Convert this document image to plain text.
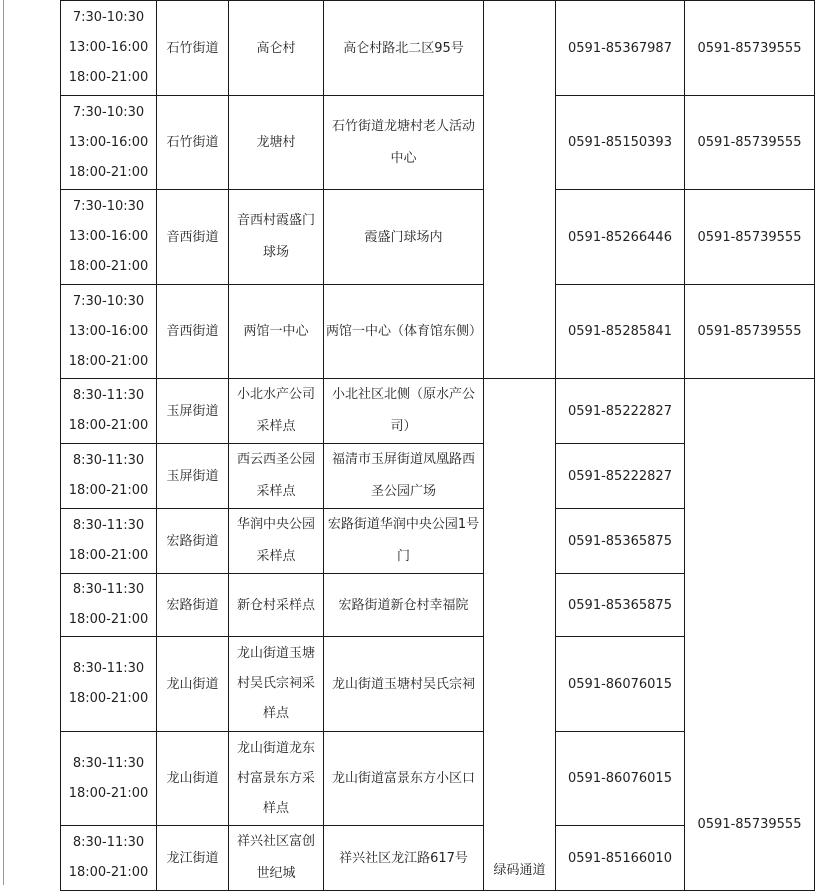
7:30-10:30
13:00-16:00
18:00-21:00	石竹街道	高仑村	高仑村路北二区95号		0591-85367987	0591-85739555

7:30-10:30
13:00-16:00
18:00-21:00	石竹街道	龙塘村	石竹街道龙塘村老人活动中心		0591-85150393	0591-85739555

7:30-10:30
13:00-16:00
18:00-21:00	音西街道	音西村霞盛门球场	霞盛门球场内		0591-85266446	0591-85739555

7:30-10:30
13:00-16:00
18:00-21:00	音西街道	两馆一中心	两馆一中心（体育馆东侧）		0591-85285841	0591-85739555

8:30-11:30
18:00-21:00	玉屏街道	小北水产公司采样点	小北社区北侧（原水产公司）	绿码通道	0591-85222827	0591-85739555

8:30-11:30
18:00-21:00	玉屏街道	西云西圣公园采样点	福清市玉屏街道凤凰路西圣公园广场		0591-85222827	

8:30-11:30
18:00-21:00	宏路街道	华润中央公园采样点	宏路街道华润中央公园1号门		0591-85365875	

8:30-11:30
18:00-21:00	宏路街道	新仓村采样点	宏路街道新仓村幸福院		0591-85365875	

8:30-11:30
18:00-21:00	龙山街道	龙山街道玉塘村吴氏宗祠采样点	龙山街道玉塘村吴氏宗祠		0591-86076015	

8:30-11:30
18:00-21:00	龙山街道	龙山街道龙东村富景东方采样点	龙山街道富景东方小区口		0591-86076015	

8:30-11:30
18:00-21:00	龙江街道	祥兴社区富创世纪城	祥兴社区龙江路617号		0591-85166010	
